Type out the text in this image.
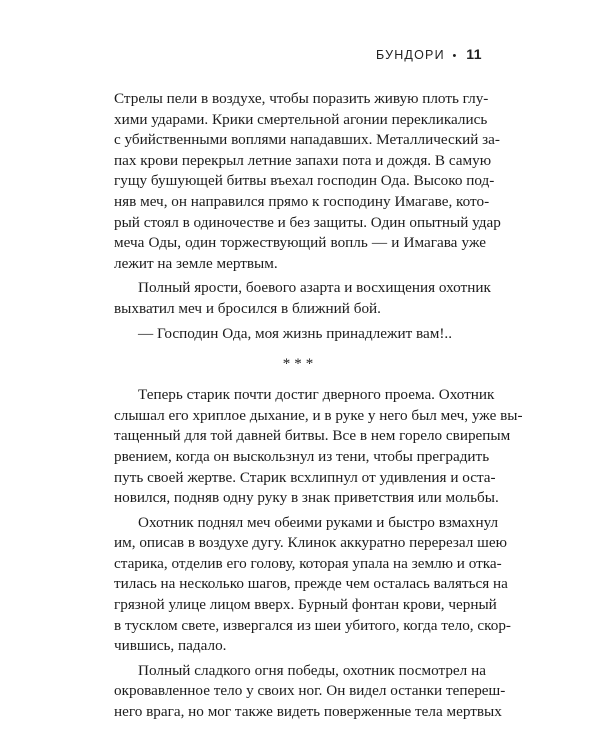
БУНДОРИ • 11
Стрелы пели в воздухе, чтобы поразить живую плоть глу-
хими ударами. Крики смертельной агонии перекликались
с убийственными воплями нападавших. Металлический за-
пах крови перекрыл летние запахи пота и дождя. В самую
гущу бушующей битвы въехал господин Ода. Высоко под-
няв меч, он направился прямо к господину Имагаве, кото-
рый стоял в одиночестве и без защиты. Один опытный удар
меча Оды, один торжествующий вопль — и Имагава уже
лежит на земле мертвым.
Полный ярости, боевого азарта и восхищения охотник
выхватил меч и бросился в ближний бой.
— Господин Ода, моя жизнь принадлежит вам!..
***
Теперь старик почти достиг дверного проема. Охотник
слышал его хриплое дыхание, и в руке у него был меч, уже вы-
тащенный для той давней битвы. Все в нем горело свирепым
рвением, когда он выскользнул из тени, чтобы преградить
путь своей жертве. Старик всхлипнул от удивления и оста-
новился, подняв одну руку в знак приветствия или мольбы.
Охотник поднял меч обеими руками и быстро взмахнул
им, описав в воздухе дугу. Клинок аккуратно перерезал шею
старика, отделив его голову, которая упала на землю и отка-
тилась на несколько шагов, прежде чем осталась валяться на
грязной улице лицом вверх. Бурный фонтан крови, черный
в тусклом свете, извергался из шеи убитого, когда тело, скор-
чившись, падало.
Полный сладкого огня победы, охотник посмотрел на
окровавленное тело у своих ног. Он видел останки тепереш-
него врага, но мог также видеть поверженные тела мертвых
